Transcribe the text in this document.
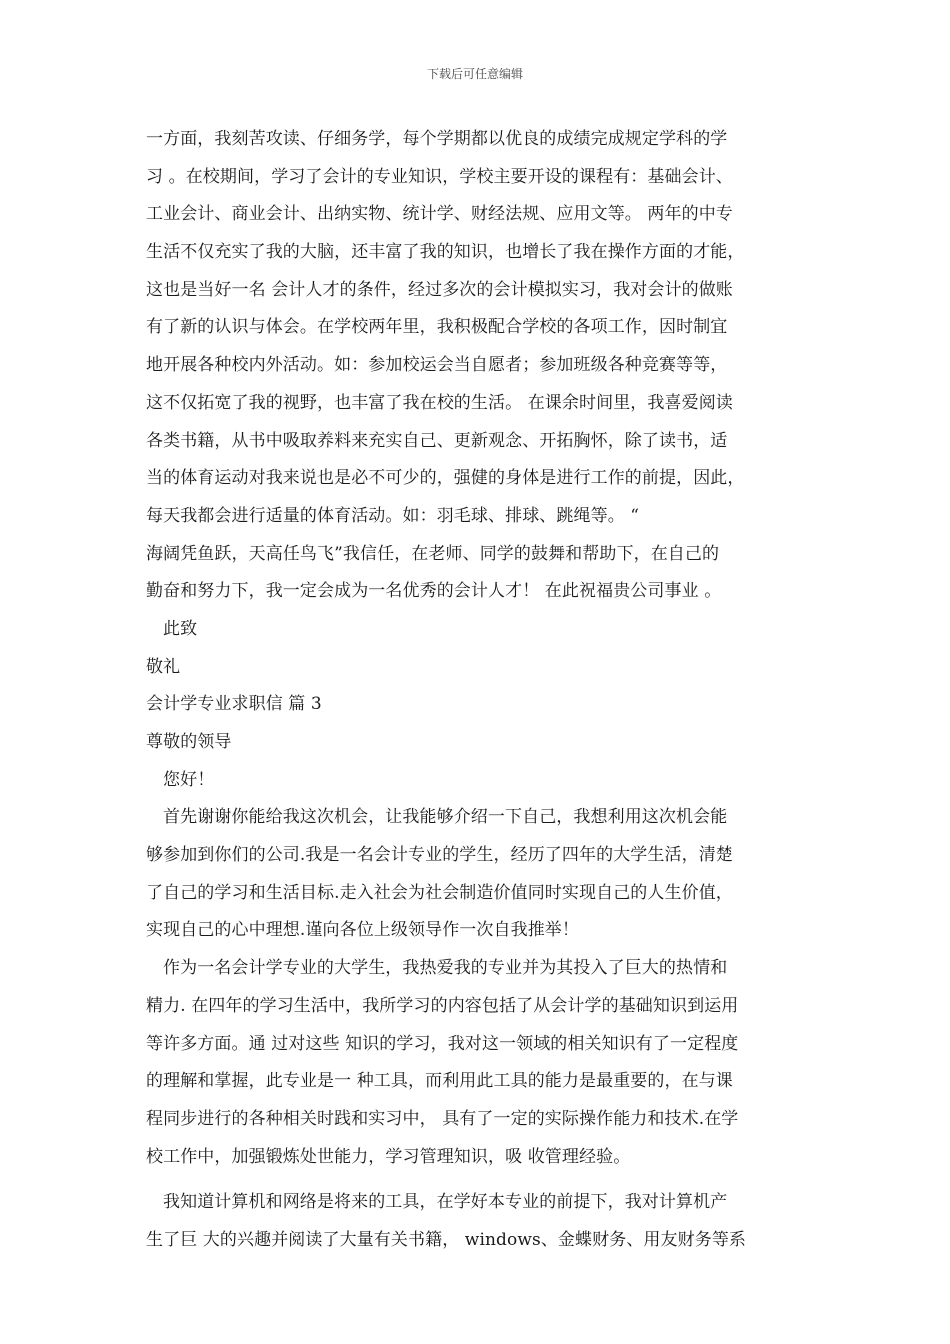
下载后可任意编辑
一方面，我刻苦攻读、仔细务学，每个学期都以优良的成绩完成规定学科的学
习 。在校期间，学习了会计的专业知识，学校主要开设的课程有：基础会计、
工业会计、商业会计、出纳实物、统计学、财经法规、应用文等。 两年的中专
生活不仅充实了我的大脑，还丰富了我的知识，也增长了我在操作方面的才能，
这也是当好一名 会计人才的条件，经过多次的会计模拟实习，我对会计的做账
有了新的认识与体会。在学校两年里，我积极配合学校的各项工作，因时制宜
地开展各种校内外活动。如：参加校运会当自愿者；参加班级各种竞赛等等，
这不仅拓宽了我的视野，也丰富了我在校的生活。 在课余时间里，我喜爱阅读
各类书籍，从书中吸取养料来充实自己、更新观念、开拓胸怀，除了读书，适
当的体育运动对我来说也是必不可少的，强健的身体是进行工作的前提，因此，
每天我都会进行适量的体育活动。如：羽毛球、排球、跳绳等。 “
海阔凭鱼跃，天高任鸟飞”我信任，在老师、同学的鼓舞和帮助下，在自己的
勤奋和努力下，我一定会成为一名优秀的会计人才！ 在此祝福贵公司事业 。
此致
敬礼
会计学专业求职信 篇 3
尊敬的领导
您好！
首先谢谢你能给我这次机会，让我能够介绍一下自己，我想利用这次机会能
够参加到你们的公司.我是一名会计专业的学生，经历了四年的大学生活，清楚
了自己的学习和生活目标.走入社会为社会制造价值同时实现自己的人生价值，
实现自己的心中理想.谨向各位上级领导作一次自我推举！
作为一名会计学专业的大学生，我热爱我的专业并为其投入了巨大的热情和
精力. 在四年的学习生活中，我所学习的内容包括了从会计学的基础知识到运用
等许多方面。通 过对这些 知识的学习，我对这一领域的相关知识有了一定程度
的理解和掌握，此专业是一 种工具，而利用此工具的能力是最重要的，在与课
程同步进行的各种相关时践和实习中， 具有了一定的实际操作能力和技术.在学
校工作中，加强锻炼处世能力，学习管理知识，吸 收管理经验。
我知道计算机和网络是将来的工具，在学好本专业的前提下，我对计算机产
生了巨 大的兴趣并阅读了大量有关书籍， windows、金蝶财务、用友财务等系
